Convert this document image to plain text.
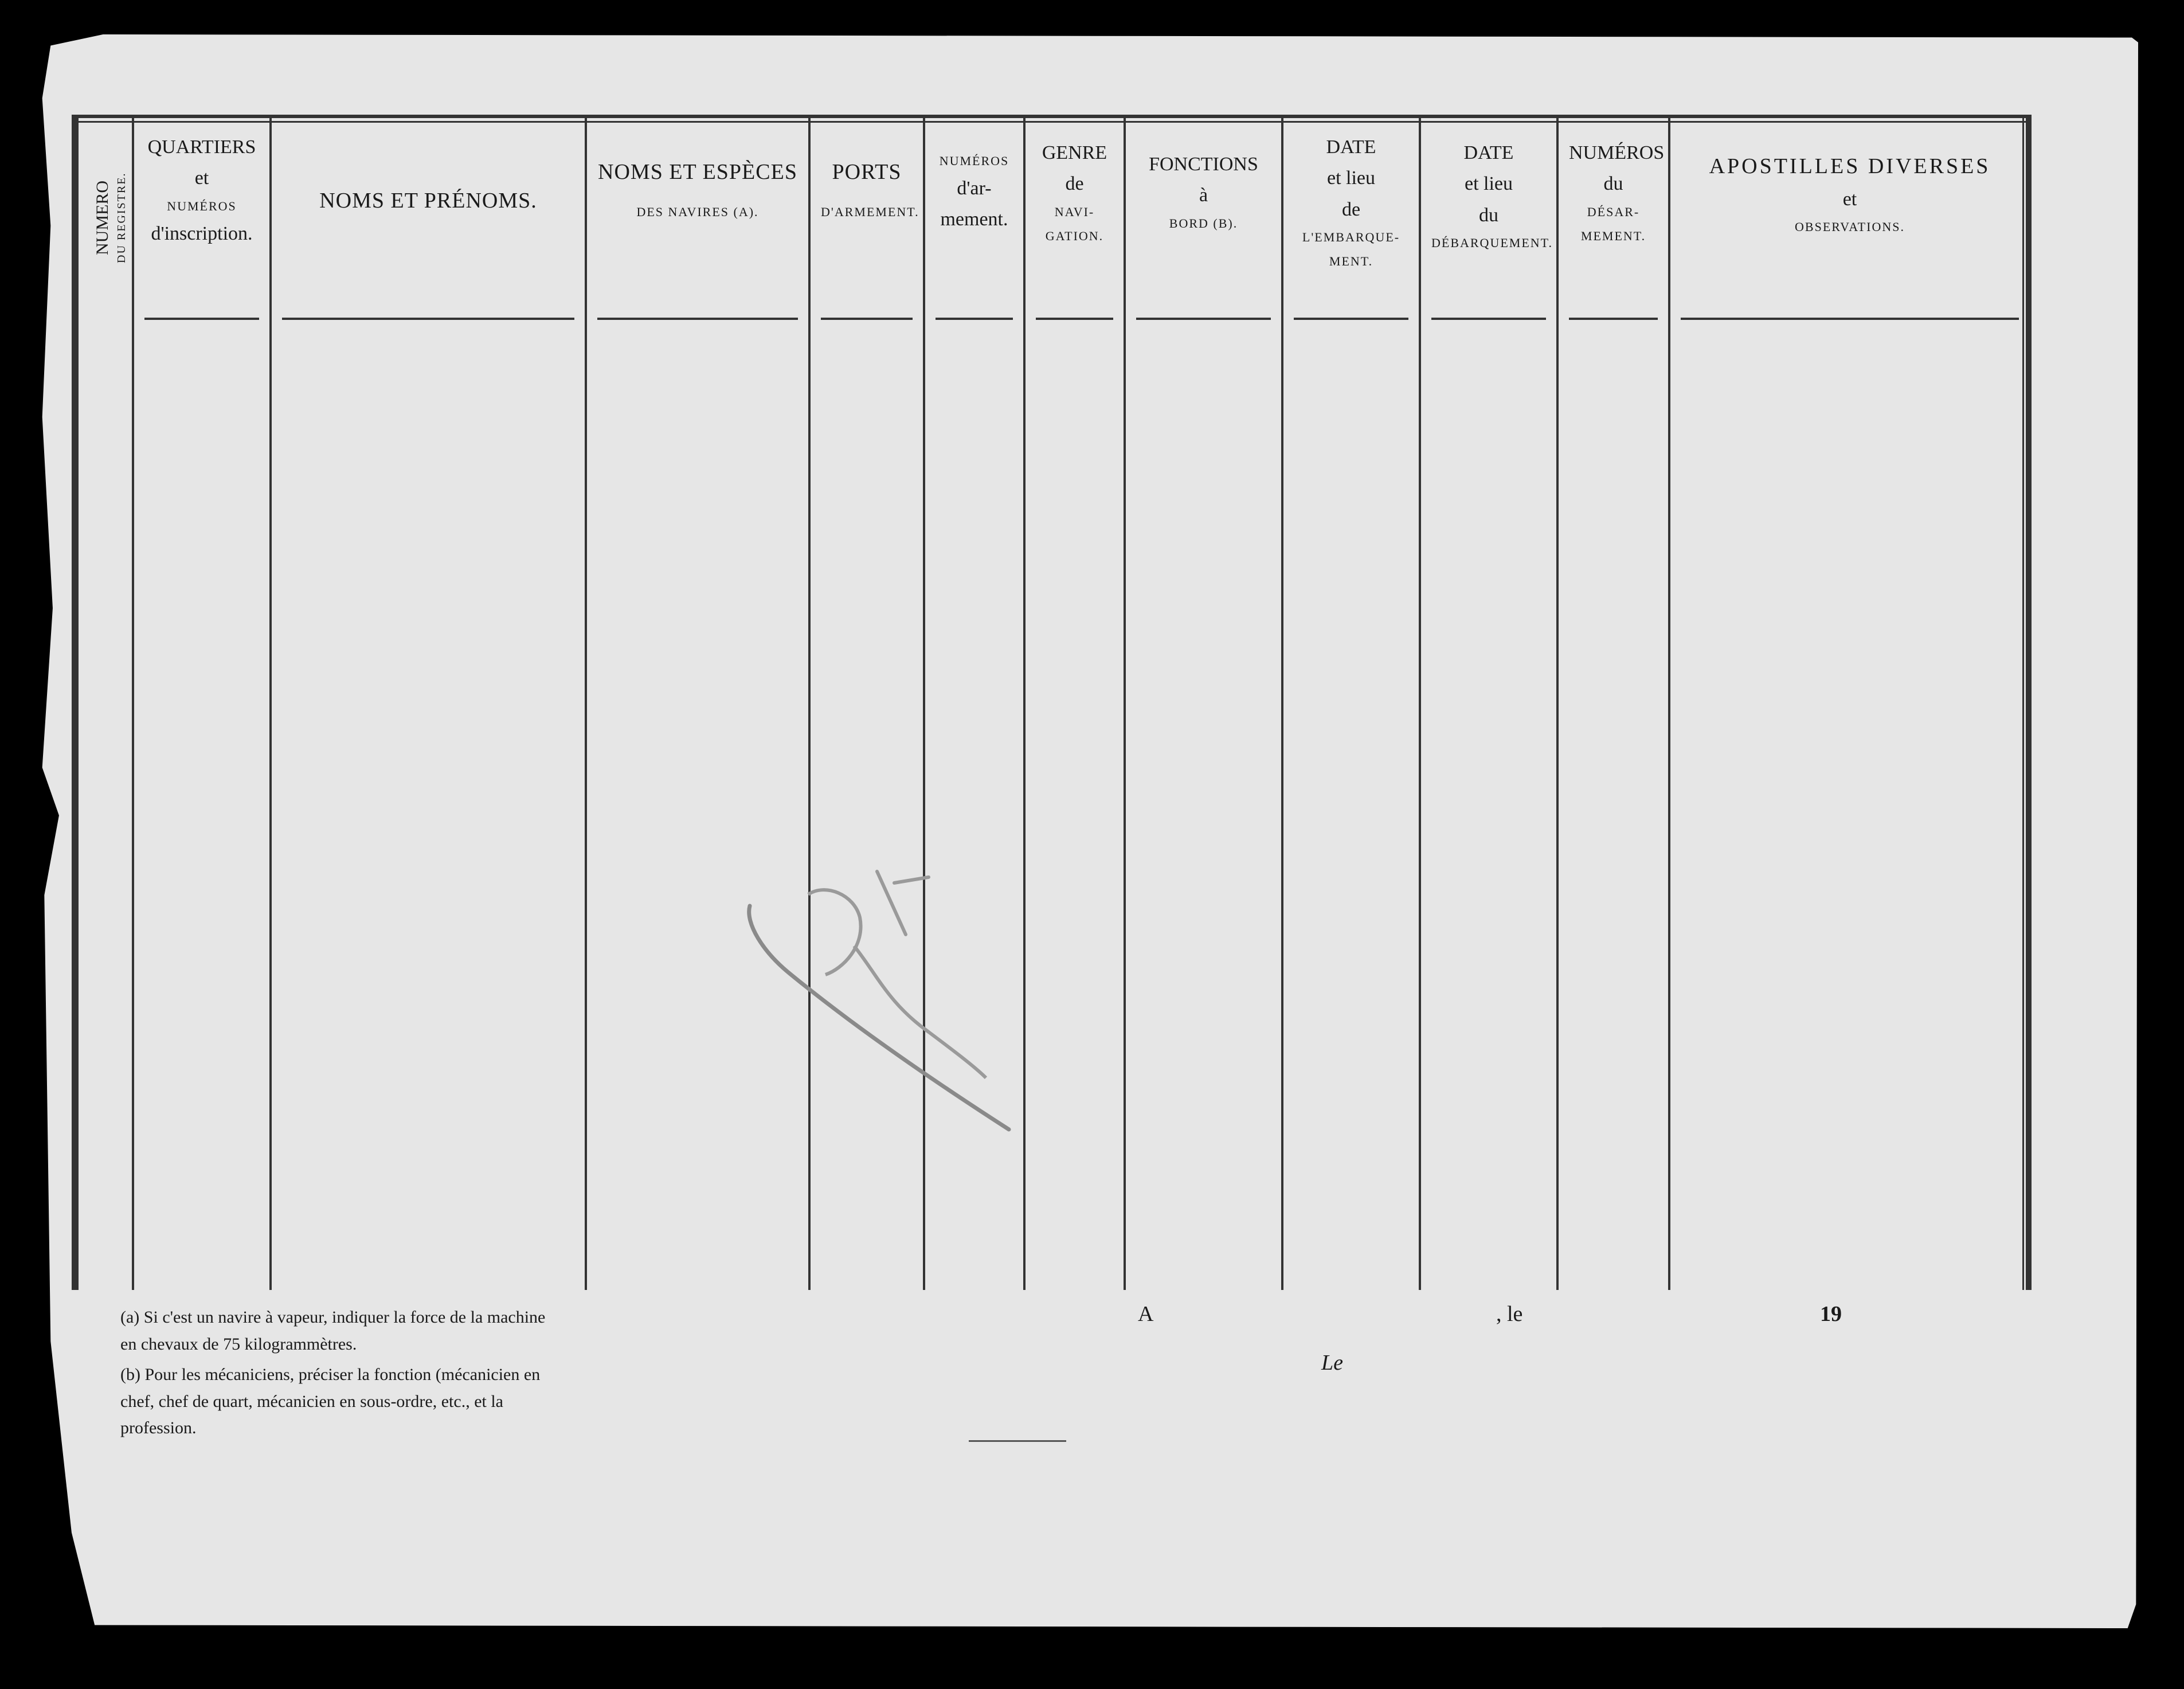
NUMERO DU REGISTRE.

QUARTIERS
et
NUMÉROS
d'inscription.

NOMS ET PRÉNOMS.

NOMS ET ESPÈCES
DES NAVIRES (A).

PORTS
D'ARMEMENT.

NUMÉROS
d'ar-
mement.

GENRE
de
NAVI-
GATION.

FONCTIONS
à
BORD (B).

DATE
et lieu
de
L'EMBARQUE-
MENT.

DATE
et lieu
du
DÉBARQUEMENT.

NUMÉROS
du
DÉSAR-
MEMENT.

APOSTILLES DIVERSES
et
OBSERVATIONS.
(a) Si c'est un navire à vapeur, indiquer la force de la machine en chevaux de 75 kilogrammètres.
(b) Pour les mécaniciens, préciser la fonction (mécanicien en chef, chef de quart, mécanicien en sous-ordre, etc., et la profession.
A	, le	19
Le
